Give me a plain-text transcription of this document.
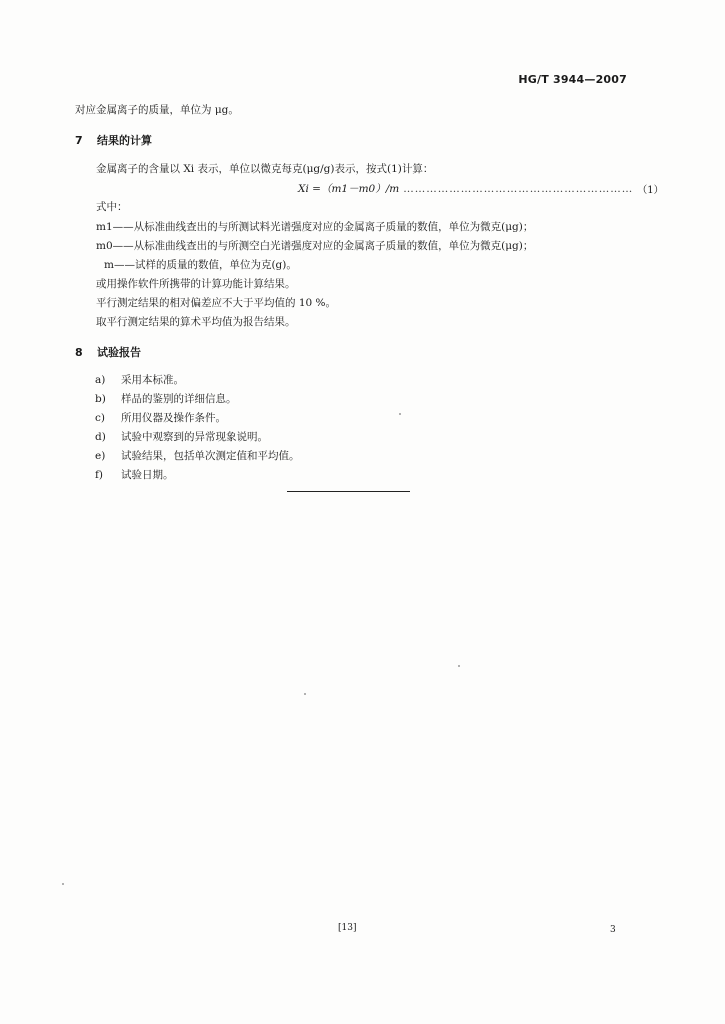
HG/T 3944—2007
对应金属离子的质量，单位为 μg。
7 结果的计算
金属离子的含量以 Xi 表示，单位以微克每克(μg/g)表示，按式(1)计算：
Xi =（m1－m0）/m …………………………………………………… （1）
式中：
m1——从标准曲线查出的与所测试料光谱强度对应的金属离子质量的数值，单位为微克(μg)；
m0——从标准曲线查出的与所测空白光谱强度对应的金属离子质量的数值，单位为微克(μg)；
m——试样的质量的数值，单位为克(g)。
或用操作软件所携带的计算功能计算结果。
平行测定结果的相对偏差应不大于平均值的 10 %。
取平行测定结果的算术平均值为报告结果。
8 试验报告
a) 采用本标准。
b) 样品的鉴别的详细信息。
c) 所用仪器及操作条件。
d) 试验中观察到的异常现象说明。
e) 试验结果，包括单次测定值和平均值。
f) 试验日期。
[13]	3
